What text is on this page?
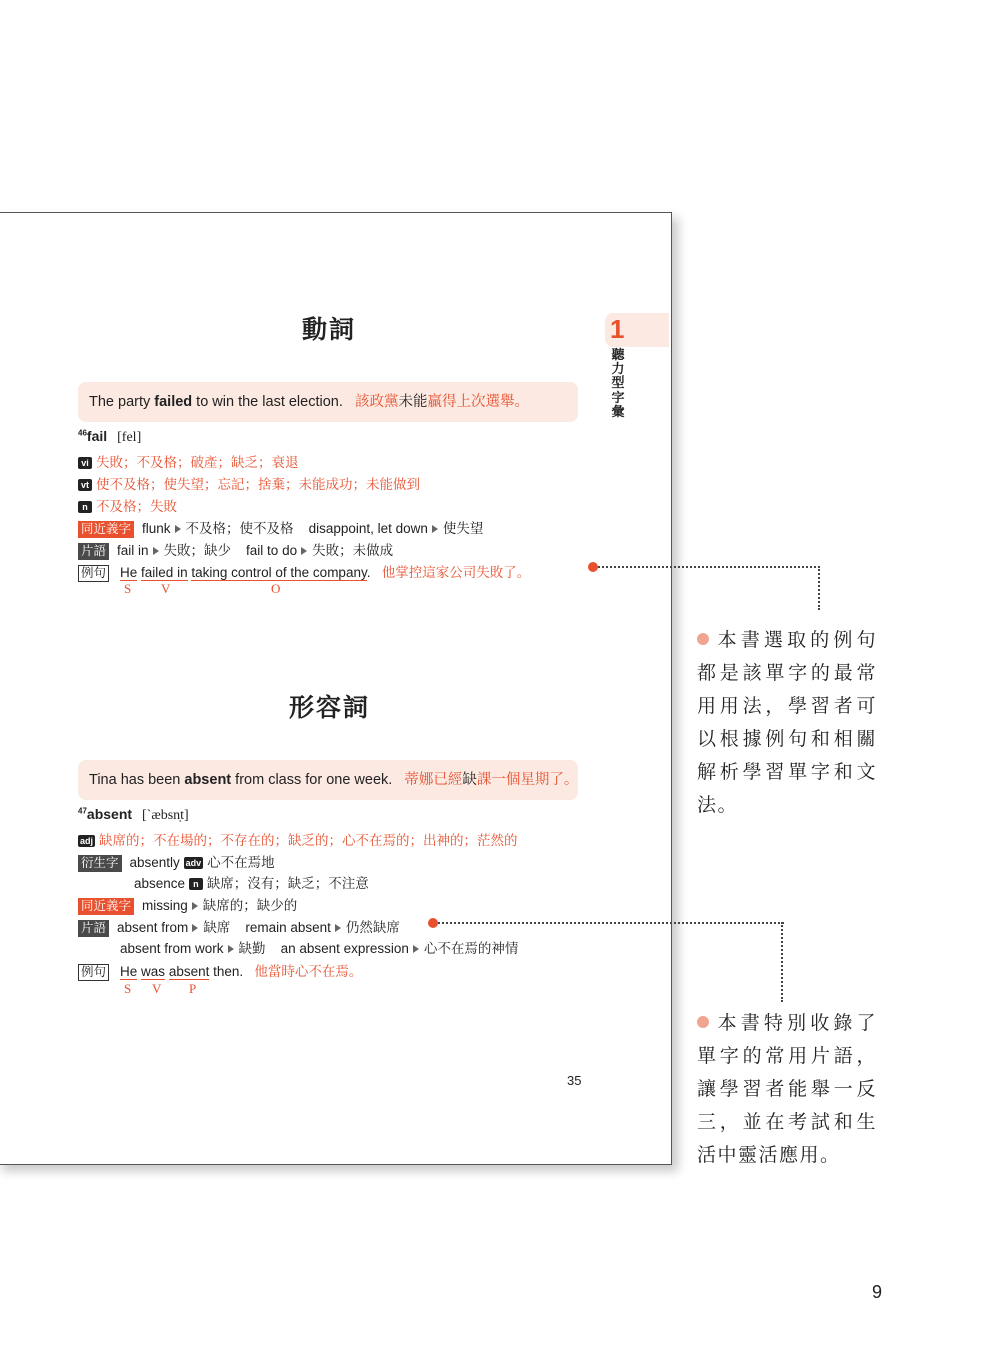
1
聽力型字彙
動詞
The party failed to win the last election. 該政黨未能贏得上次選舉。
$^{46}$fail [fel]
vi 失敗；不及格；破產；缺乏；衰退
vt 使不及格；使失望；忘記；捨棄；未能成功；未能做到
n 不及格；失敗
同近義字 flunk 不及格；使不及格 disappoint, let down 使失望
片語 fail in 失敗；缺少 fail to do 失敗；未做成
例句 He failed in taking control of the company. 他掌控這家公司失敗了。
S V	O
形容詞
Tina has been absent from class for one week. 蒂娜已經缺課一個星期了。
$^{47}$absent [ˋæbsn̩t]
adj 缺席的；不在場的；不存在的；缺乏的；心不在焉的；出神的；茫然的
衍生字 absently adv 心不在焉地
absence n 缺席；沒有；缺乏；不注意
同近義字 missing 缺席的；缺少的
片語 absent from 缺席 remain absent 仍然缺席
absent from work 缺勤 an absent expression 心不在焉的神情
例句 He was absent then. 他當時心不在焉。
S V P
35
本書選取的例句都是該單字的最常用用法，學習者可以根據例句和相關解析學習單字和文法。
本書特別收錄了單字的常用片語，讓學習者能舉一反三，並在考試和生活中靈活應用。
9
